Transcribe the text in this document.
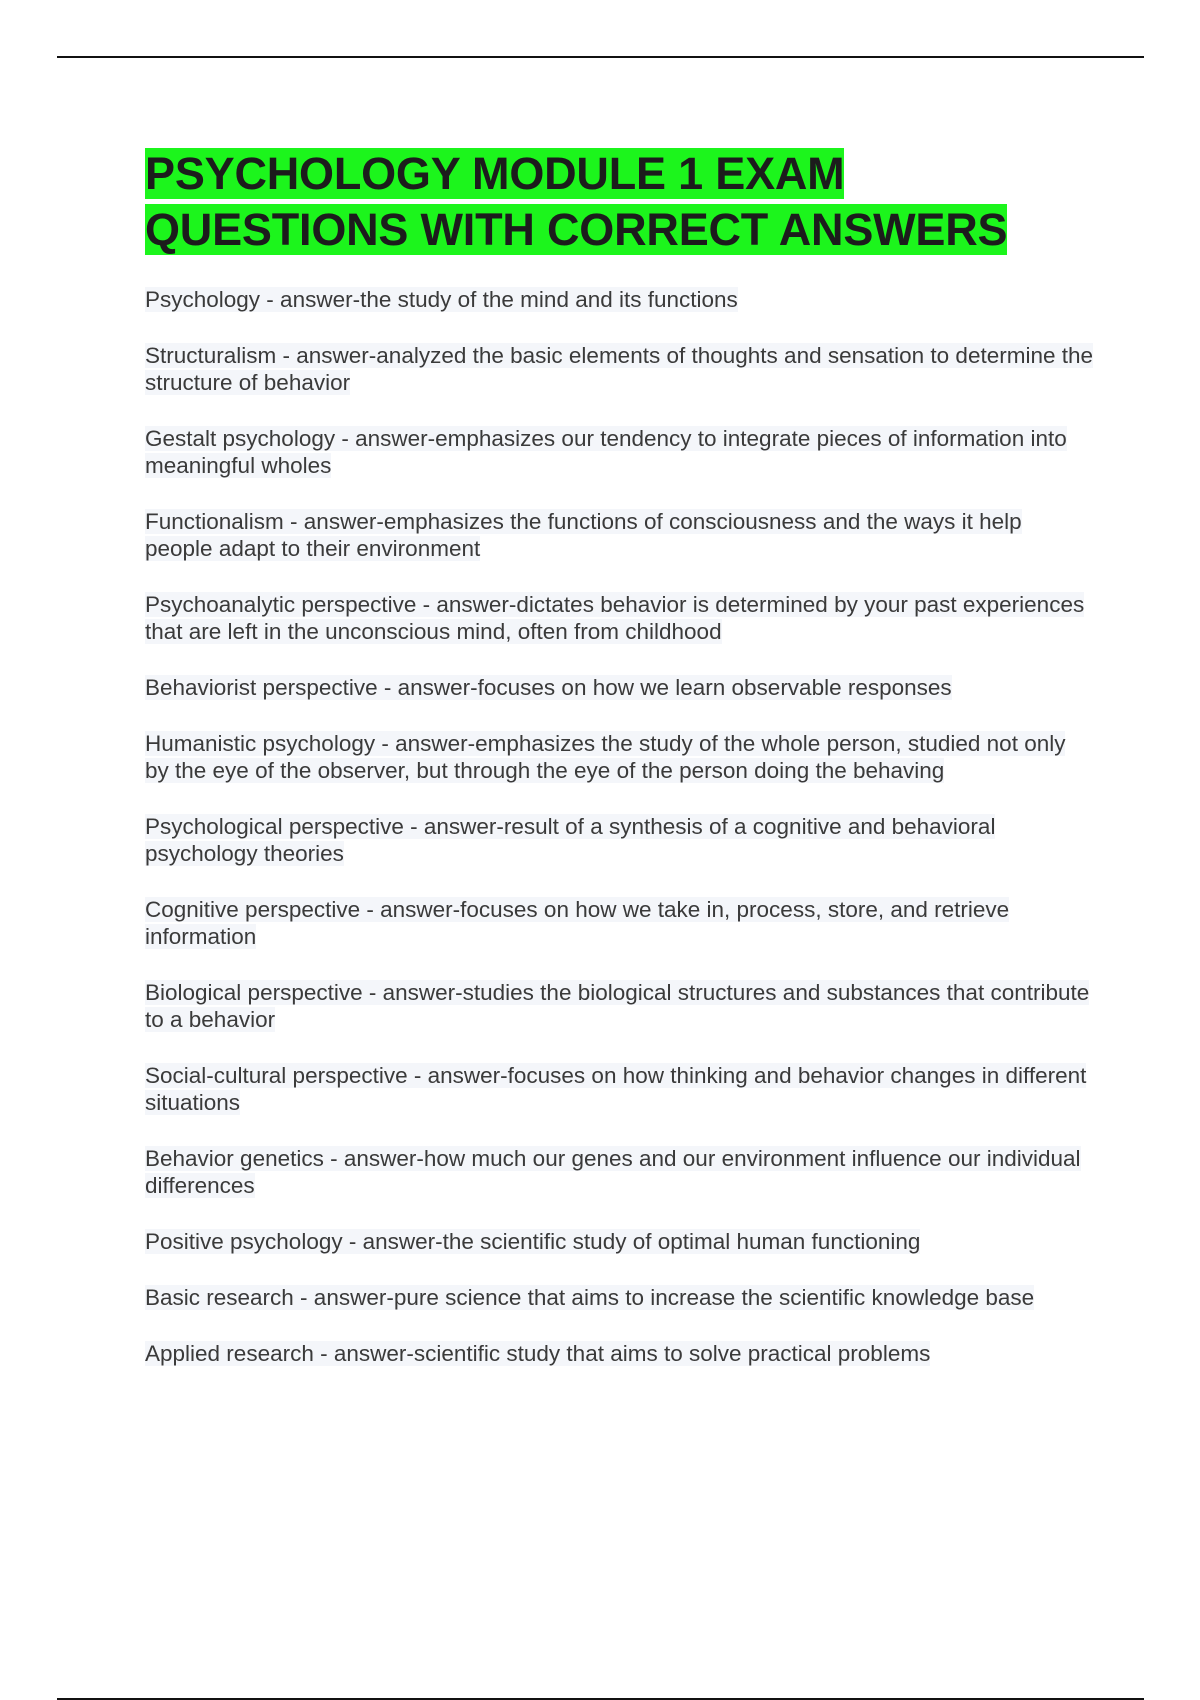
PSYCHOLOGY MODULE 1 EXAM
QUESTIONS WITH CORRECT ANSWERS

Psychology - answer-the study of the mind and its functions

Structuralism - answer-analyzed the basic elements of thoughts and sensation to determine the structure of behavior

Gestalt psychology - answer-emphasizes our tendency to integrate pieces of information into meaningful wholes

Functionalism - answer-emphasizes the functions of consciousness and the ways it help people adapt to their environment

Psychoanalytic perspective - answer-dictates behavior is determined by your past experiences that are left in the unconscious mind, often from childhood

Behaviorist perspective - answer-focuses on how we learn observable responses

Humanistic psychology - answer-emphasizes the study of the whole person, studied not only by the eye of the observer, but through the eye of the person doing the behaving

Psychological perspective - answer-result of a synthesis of a cognitive and behavioral psychology theories

Cognitive perspective - answer-focuses on how we take in, process, store, and retrieve information

Biological perspective - answer-studies the biological structures and substances that contribute to a behavior

Social-cultural perspective - answer-focuses on how thinking and behavior changes in different situations

Behavior genetics - answer-how much our genes and our environment influence our individual differences

Positive psychology - answer-the scientific study of optimal human functioning

Basic research - answer-pure science that aims to increase the scientific knowledge base

Applied research - answer-scientific study that aims to solve practical problems
